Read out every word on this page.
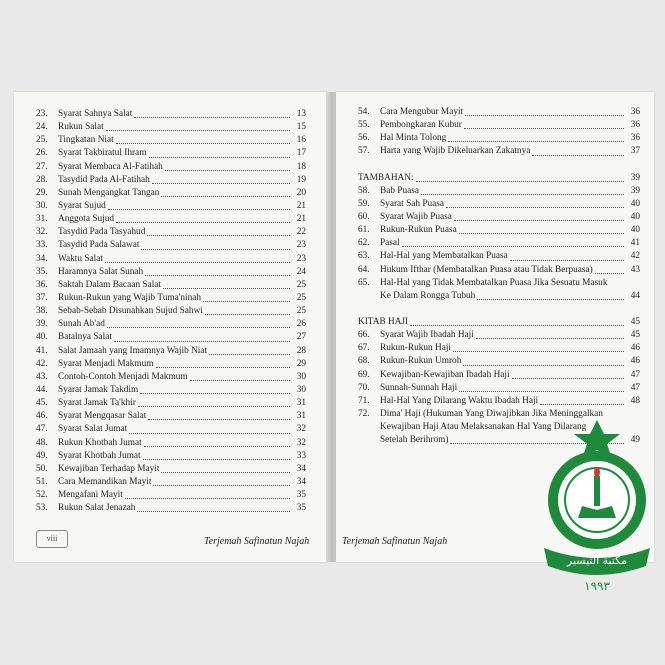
23.	Syarat Sahnya Salat	13
24.	Rukun Salat	15
25.	Tingkatan Niat	16
26.	Syarat Takbiratul Ihram	17
27.	Syarat Membaca Al-Fatihah	18
28.	Tasydid Pada Al-Fatihah	19
29.	Sunah Mengangkat Tangan	20
30.	Syarat Sujud	21
31.	Anggota Sujud	21
32.	Tasydid Pada Tasyahud	22
33.	Tasydid Pada Salawat	23
34.	Waktu Salat	23
35.	Haramnya Salat Sunah	24
36.	Saktah Dalam Bacaan Salat	25
37.	Rukun-Rukun yang Wajib Tuma'ninah	25
38.	Sebab-Sebab Disunahkan Sujud Sahwi	25
39.	Sunah Ab'ad	26
40.	Batalnya Salat	27
41.	Salat Jamaah yang Imamnya Wajib Niat	28
42.	Syarat Menjadi Makmum	29
43.	Contoh-Contoh Menjadi Makmum	30
44.	Syarat Jamak Takdim	30
45.	Syarat Jamak Ta'khir	31
46.	Syarat Mengqasar Salat	31
47.	Syarat Salat Jumat	32
48.	Rukun Khotbah Jumat	32
49.	Syarat Khotbah Jumat	33
50.	Kewajiban Terhadap Mayit	34
51.	Cara Memandikan Mayit	34
52.	Mengafani Mayit	35
53.	Rukun Salat Jenazah	35
viii	Terjemah Safinatun Najah
54.	Cara Mengubur Mayit	36
55.	Pembongkaran Kubur	36
56.	Hal Minta Tolong	36
57.	Harta yang Wajib Dikeluarkan Zakatnya	37
TAMBAHAN:	39
58.	Bab Puasa	39
59.	Syarat Sah Puasa	40
60.	Syarat Wajib Puasa	40
61.	Rukun-Rukun Puasa	40
62.	Pasal	41
63.	Hal-Hal yang Membatalkan Puasa	42
64.	Hukum Ifthar (Membatalkan Puasa atau Tidak Berpuasa)	43
65.	Hal-Hal yang Tidak Membatalkan Puasa Jika Sesuatu Masuk
Ke Dalam Rongga Tubuh	44
KITAB HAJI	45
66.	Syarat Wajib Ibadah Haji	45
67.	Rukun-Rukun Haji	46
68.	Rukun-Rukun Umroh	46
69.	Kewajiban-Kewajiban Ibadah Haji	47
70.	Sunnah-Sunnah Haji	47
71.	Hal-Hal Yang Dilarang Waktu Ibadah Haji	48
72.	Dima' Haji (Hukuman Yang Diwajibkan Jika Meninggalkan
Kewajiban Haji Atau Melaksanakan Hal Yang Dilarang
Setelah Berihrom)	49
Terjemah Safinatun Najah
مكتبة التيسير
١٩٩٣
